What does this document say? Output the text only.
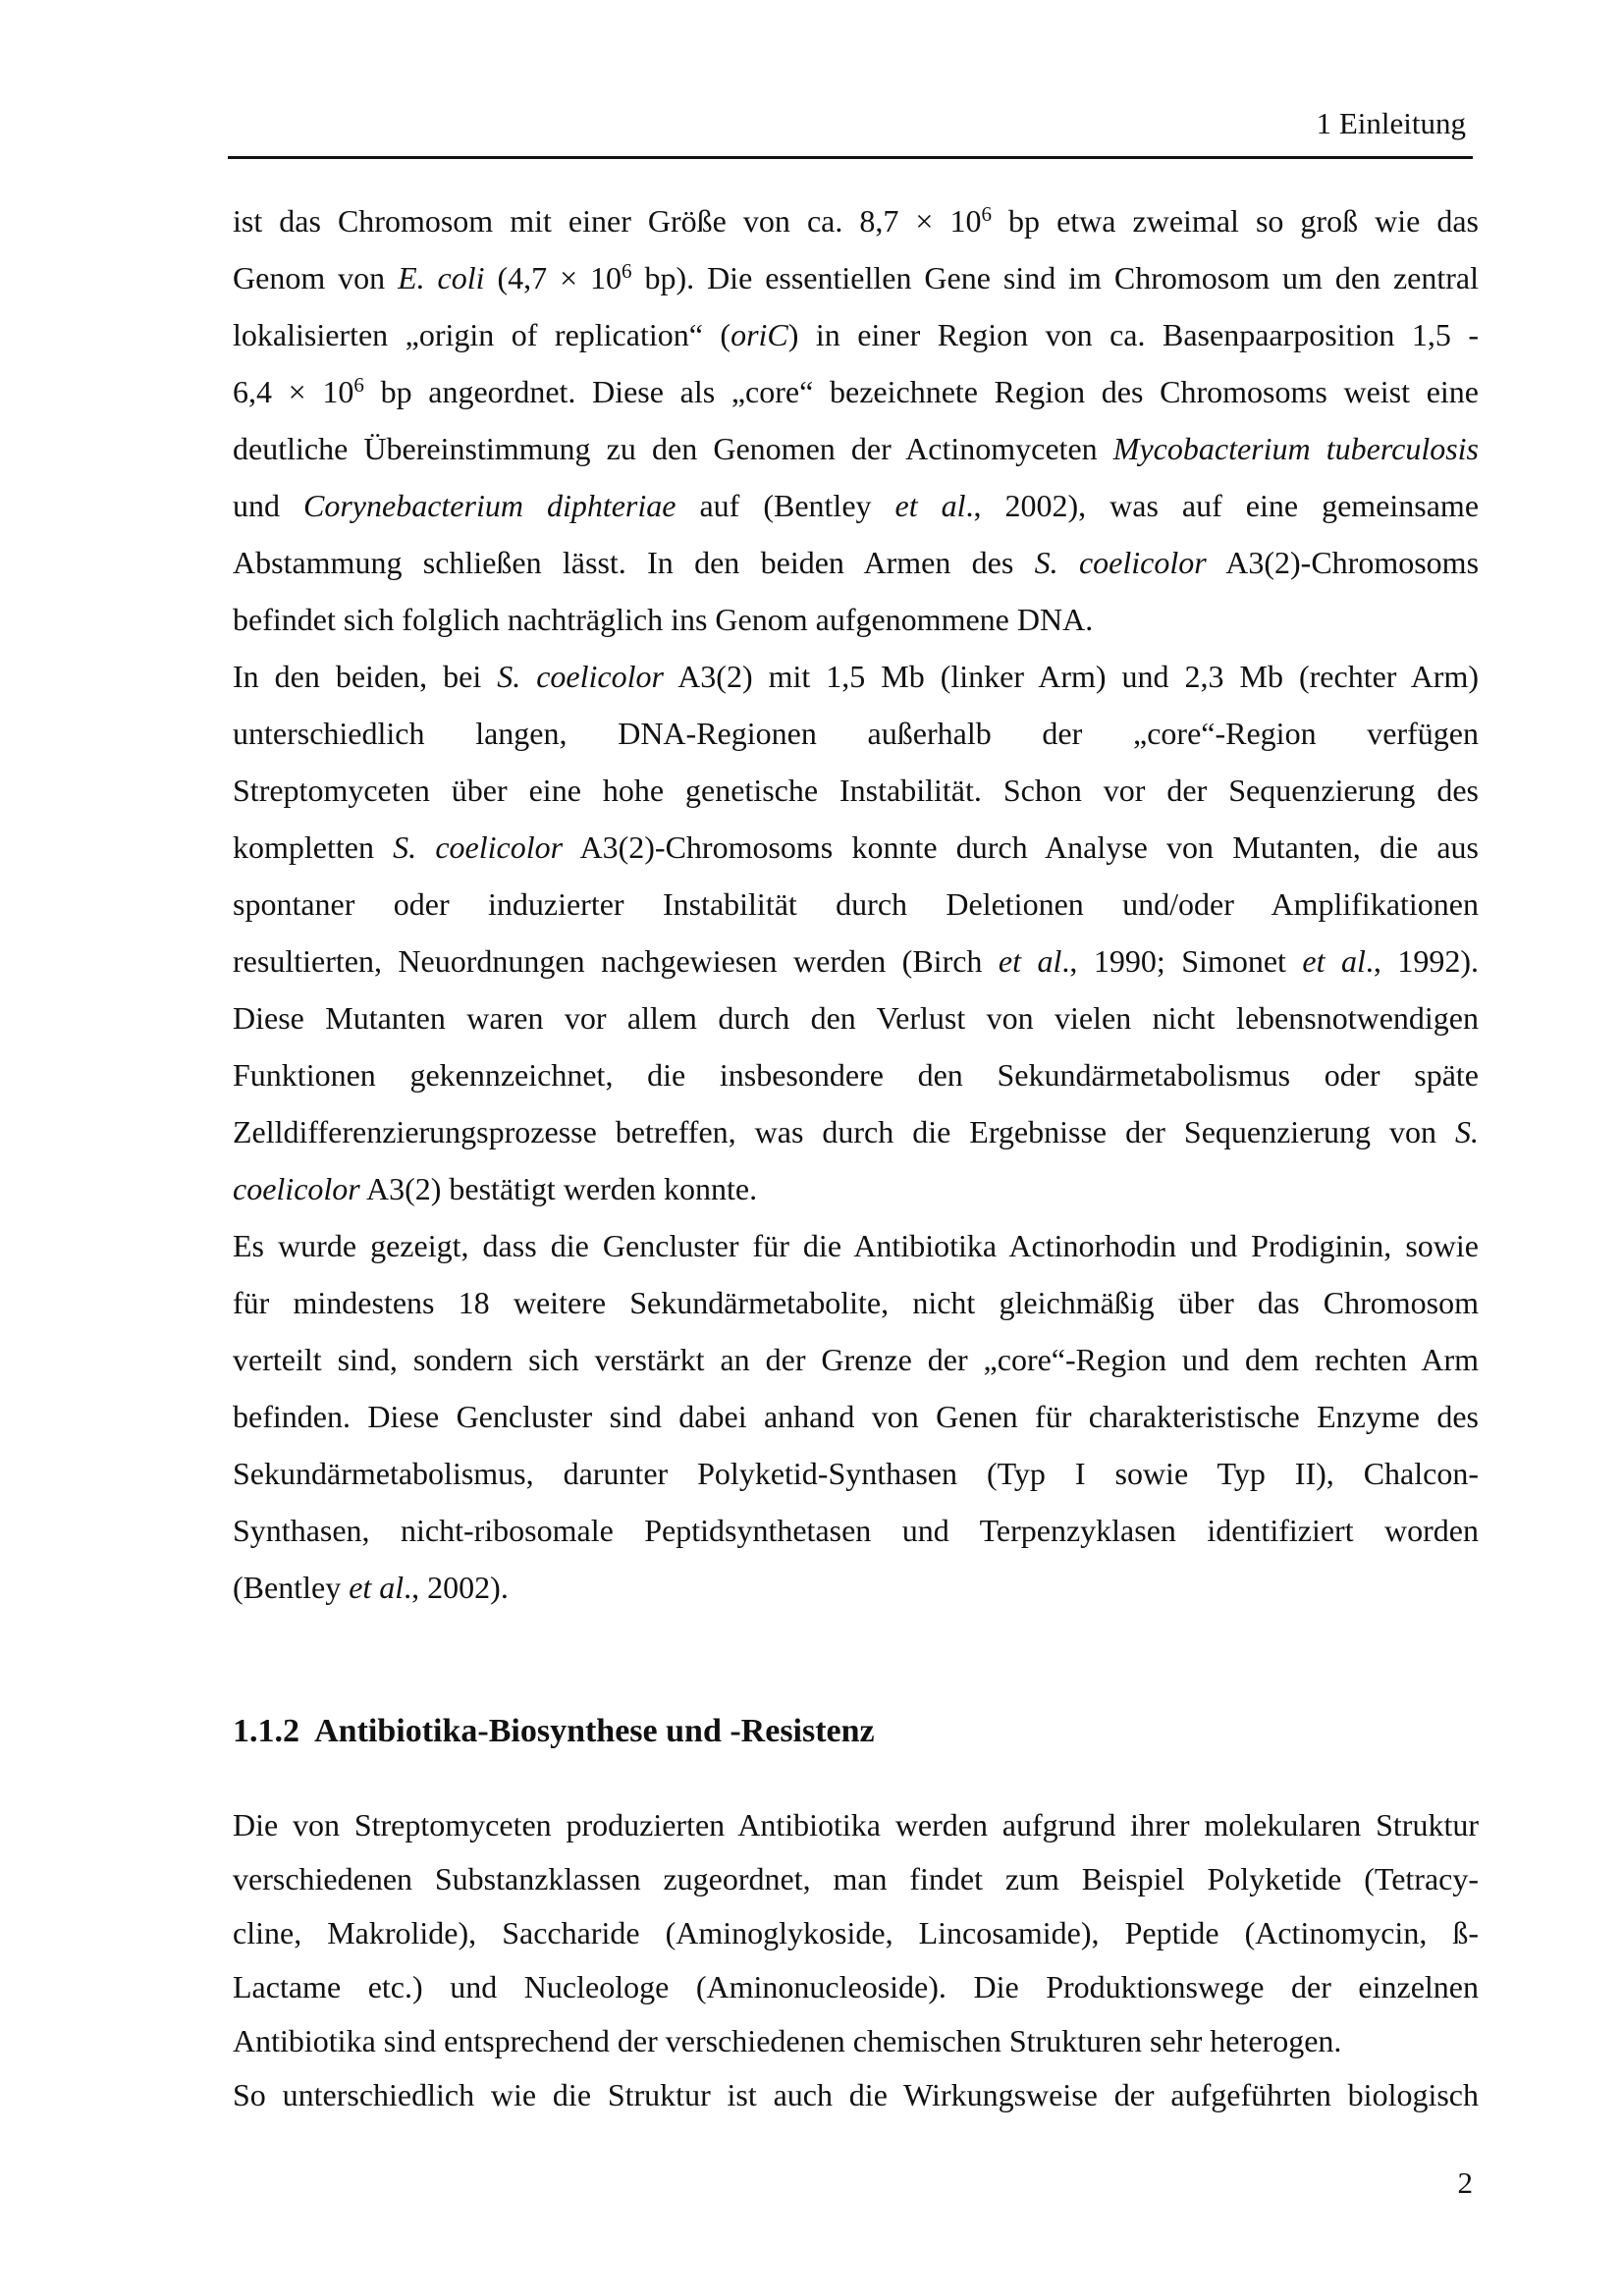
1 Einleitung
ist das Chromosom mit einer Größe von ca. $8,7 \times 10^6$ bp etwa zweimal so groß wie das
Genom von E. coli ($4,7 \times 10^6$ bp). Die essentiellen Gene sind im Chromosom um den zentral
lokalisierten „origin of replication“ (oriC) in einer Region von ca. Basenpaarposition 1,5 -
$6,4 \times 10^6$ bp angeordnet. Diese als „core“ bezeichnete Region des Chromosoms weist eine
deutliche Übereinstimmung zu den Genomen der Actinomyceten Mycobacterium tuberculosis
und Corynebacterium diphteriae auf (Bentley et al., 2002), was auf eine gemeinsame
Abstammung schließen lässt. In den beiden Armen des S. coelicolor A3(2)-Chromosoms
befindet sich folglich nachträglich ins Genom aufgenommene DNA.
In den beiden, bei S. coelicolor A3(2) mit 1,5 Mb (linker Arm) und 2,3 Mb (rechter Arm)
unterschiedlich langen, DNA-Regionen außerhalb der „core“-Region verfügen
Streptomyceten über eine hohe genetische Instabilität. Schon vor der Sequenzierung des
kompletten S. coelicolor A3(2)-Chromosoms konnte durch Analyse von Mutanten, die aus
spontaner oder induzierter Instabilität durch Deletionen und/oder Amplifikationen
resultierten, Neuordnungen nachgewiesen werden (Birch et al., 1990; Simonet et al., 1992).
Diese Mutanten waren vor allem durch den Verlust von vielen nicht lebensnotwendigen
Funktionen gekennzeichnet, die insbesondere den Sekundärmetabolismus oder späte
Zelldifferenzierungsprozesse betreffen, was durch die Ergebnisse der Sequenzierung von S.
coelicolor A3(2) bestätigt werden konnte.
Es wurde gezeigt, dass die Gencluster für die Antibiotika Actinorhodin und Prodiginin, sowie
für mindestens 18 weitere Sekundärmetabolite, nicht gleichmäßig über das Chromosom
verteilt sind, sondern sich verstärkt an der Grenze der „core“-Region und dem rechten Arm
befinden. Diese Gencluster sind dabei anhand von Genen für charakteristische Enzyme des
Sekundärmetabolismus, darunter Polyketid-Synthasen (Typ I sowie Typ II), Chalcon-
Synthasen, nicht-ribosomale Peptidsynthetasen und Terpenzyklasen identifiziert worden
(Bentley et al., 2002).
1.1.2  Antibiotika-Biosynthese und -Resistenz
Die von Streptomyceten produzierten Antibiotika werden aufgrund ihrer molekularen Struktur
verschiedenen Substanzklassen zugeordnet, man findet zum Beispiel Polyketide (Tetracy-
cline, Makrolide), Saccharide (Aminoglykoside, Lincosamide), Peptide (Actinomycin, ß-
Lactame etc.) und Nucleologe (Aminonucleoside). Die Produktionswege der einzelnen
Antibiotika sind entsprechend der verschiedenen chemischen Strukturen sehr heterogen.
So unterschiedlich wie die Struktur ist auch die Wirkungsweise der aufgeführten biologisch
2
